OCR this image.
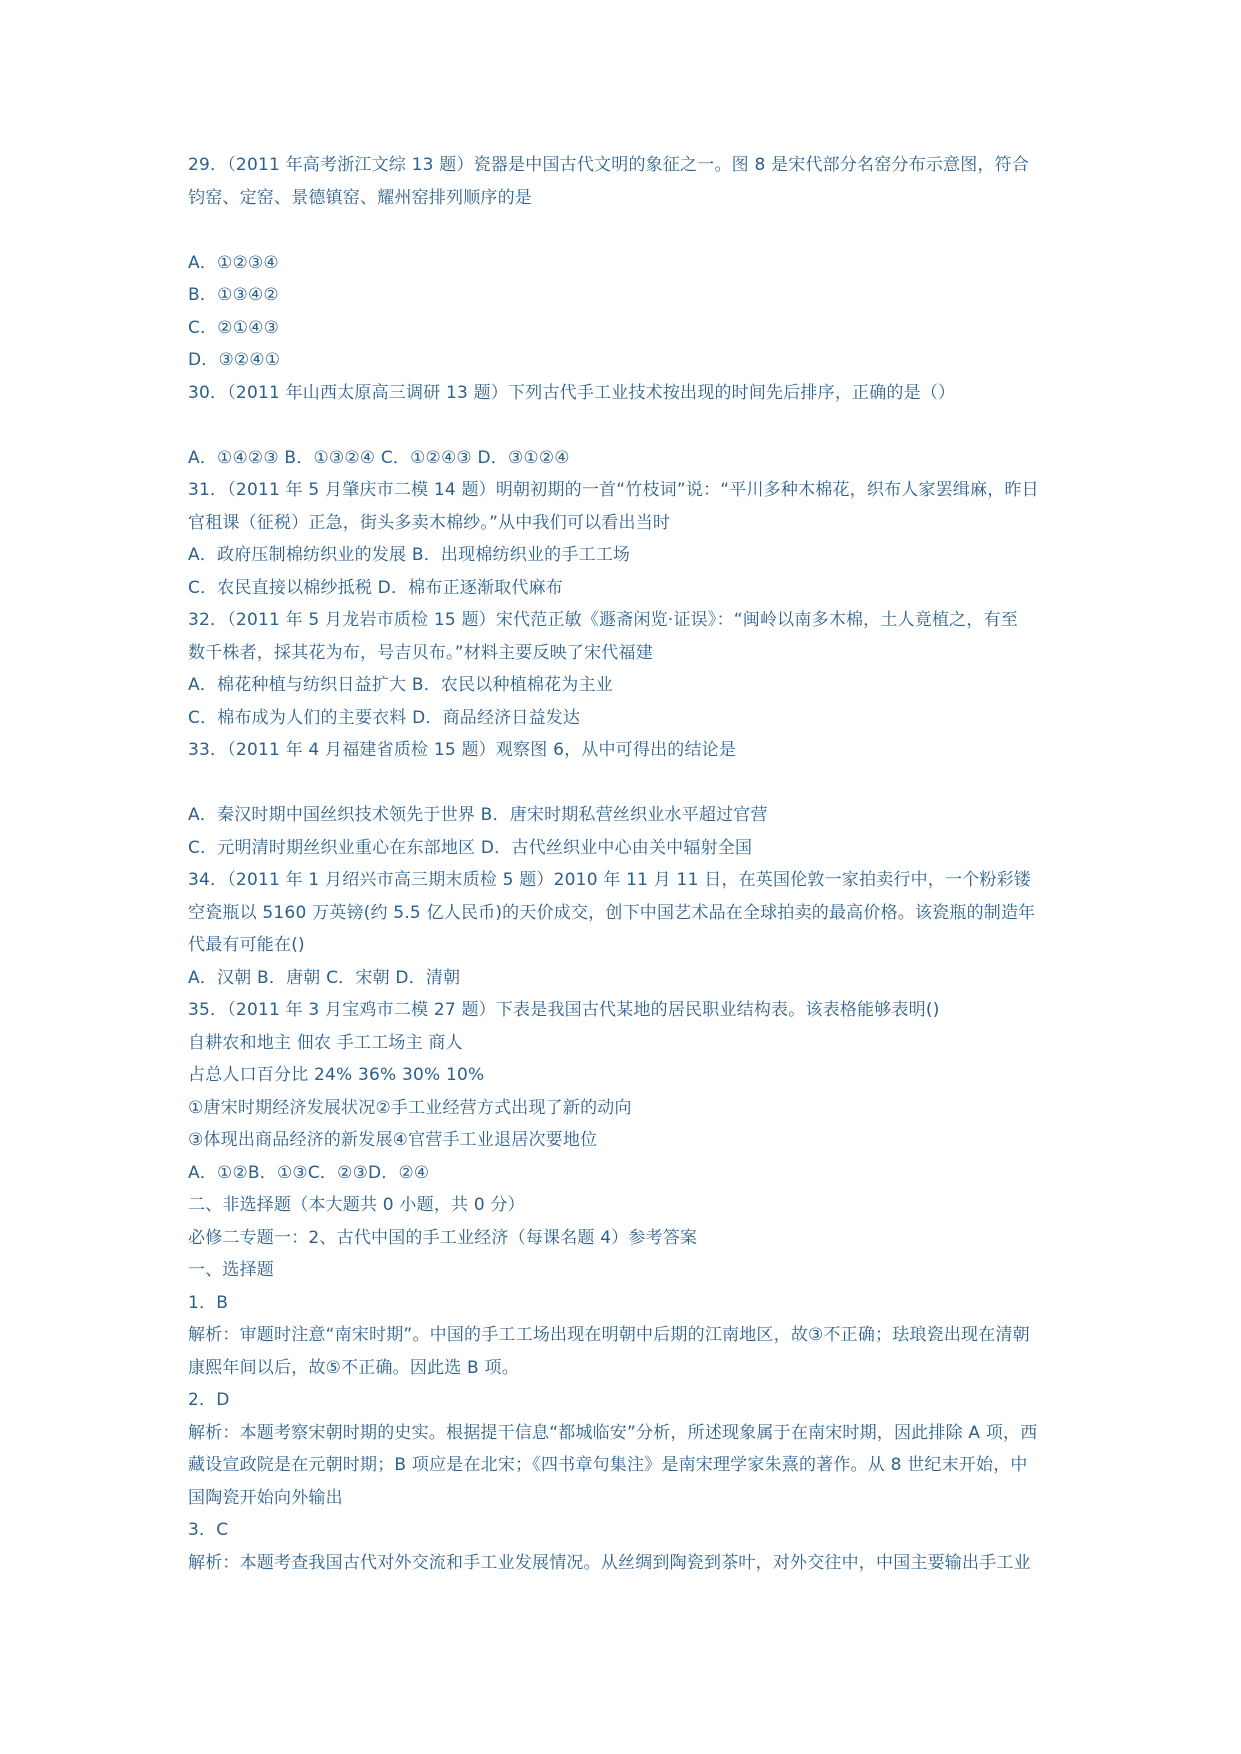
29．（2011 年高考浙江文综 13 题）瓷器是中国古代文明的象征之一。图 8 是宋代部分名窑分布示意图，符合
钧窑、定窑、景德镇窑、耀州窑排列顺序的是
A．①②③④
B．①③④②
C．②①④③
D．③②④①
30．（2011 年山西太原高三调研 13 题）下列古代手工业技术按出现的时间先后排序，正确的是（）
A．①④②③ B．①③②④ C．①②④③ D．③①②④
31．（2011 年 5 月肇庆市二模 14 题）明朝初期的一首“竹枝词”说：“平川多种木棉花，织布人家罢缉麻，昨日
官租课（征税）正急，街头多卖木棉纱。”从中我们可以看出当时
A．政府压制棉纺织业的发展 B．出现棉纺织业的手工工场
C．农民直接以棉纱抵税 D．棉布正逐渐取代麻布
32．（2011 年 5 月龙岩市质检 15 题）宋代范正敏《遯斋闲览·证误》：“闽岭以南多木棉，土人竟植之，有至
数千株者，採其花为布，号吉贝布。”材料主要反映了宋代福建
A．棉花种植与纺织日益扩大 B．农民以种植棉花为主业
C．棉布成为人们的主要衣料 D．商品经济日益发达
33．（2011 年 4 月福建省质检 15 题）观察图 6，从中可得出的结论是
A．秦汉时期中国丝织技术领先于世界 B．唐宋时期私营丝织业水平超过官营
C．元明清时期丝织业重心在东部地区 D．古代丝织业中心由关中辐射全国
34．（2011 年 1 月绍兴市高三期末质检 5 题）2010 年 11 月 11 日，在英国伦敦一家拍卖行中，一个粉彩镂
空瓷瓶以 5160 万英镑(约 5.5 亿人民币)的天价成交，创下中国艺术品在全球拍卖的最高价格。该瓷瓶的制造年
代最有可能在()
A．汉朝 B．唐朝 C．宋朝 D．清朝
35．（2011 年 3 月宝鸡市二模 27 题）下表是我国古代某地的居民职业结构表。该表格能够表明()
自耕农和地主 佃农 手工工场主 商人
占总人口百分比 24% 36% 30% 10%
①唐宋时期经济发展状况②手工业经营方式出现了新的动向
③体现出商品经济的新发展④官营手工业退居次要地位
A．①②B．①③C．②③D．②④
二、非选择题（本大题共 0 小题，共 0 分）
必修二专题一：2、古代中国的手工业经济（每课名题 4）参考答案
一、选择题
1．B
解析：审题时注意“南宋时期”。中国的手工工场出现在明朝中后期的江南地区，故③不正确；珐琅瓷出现在清朝
康熙年间以后，故⑤不正确。因此选 B 项。
2．D
解析：本题考察宋朝时期的史实。根据提干信息“都城临安”分析，所述现象属于在南宋时期，因此排除 A 项，西
藏设宣政院是在元朝时期；B 项应是在北宋；《四书章句集注》是南宋理学家朱熹的著作。从 8 世纪末开始，中
国陶瓷开始向外输出
3．C
解析：本题考查我国古代对外交流和手工业发展情况。从丝绸到陶瓷到茶叶，对外交往中，中国主要输出手工业
